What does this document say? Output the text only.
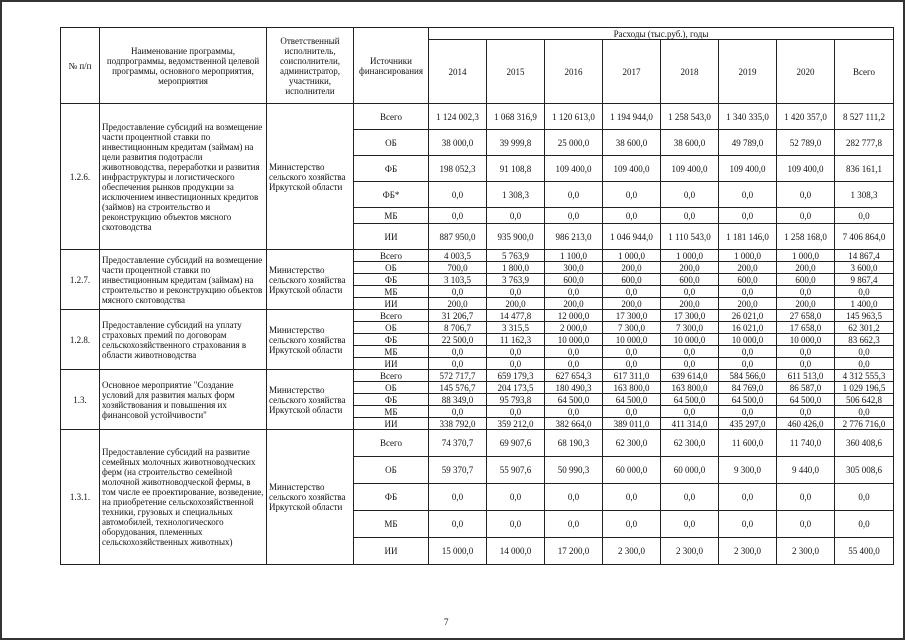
№ п/п	Наименование программы, подпрограммы, ведомственной целевой программы, основного мероприятия, мероприятия	Ответственный исполнитель, соисполнители, администратор, участники, исполнители	Источники финансирования	Расходы (тыс.руб.), годы							
				2014	2015	2016	2017	2018	2019	2020	Всего
1.2.6.	Предоставление субсидий на возмещение части процентной ставки по инвестиционным кредитам (займам) на цели развития подотрасли животноводства, переработки и развития инфраструктуры и логистического обеспечения рынков продукции за исключением инвестиционных кредитов (займов) на строительство и реконструкцию объектов мясного скотоводства	Министерство сельского хозяйства Иркутской области	Всего	1 124 002,3	1 068 316,9	1 120 613,0	1 194 944,0	1 258 543,0	1 340 335,0	1 420 357,0	8 527 111,2
			ОБ	38 000,0	39 999,8	25 000,0	38 600,0	38 600,0	49 789,0	52 789,0	282 777,8
			ФБ	198 052,3	91 108,8	109 400,0	109 400,0	109 400,0	109 400,0	109 400,0	836 161,1
			ФБ*	0,0	1 308,3	0,0	0,0	0,0	0,0	0,0	1 308,3
			МБ	0,0	0,0	0,0	0,0	0,0	0,0	0,0	0,0
			ИИ	887 950,0	935 900,0	986 213,0	1 046 944,0	1 110 543,0	1 181 146,0	1 258 168,0	7 406 864,0
1.2.7.	Предоставление субсидий на возмещение части процентной ставки по инвестиционным кредитам (займам) на строительство и реконструкцию объектов мясного скотоводства	Министерство сельского хозяйства Иркутской области	Всего	4 003,5	5 763,9	1 100,0	1 000,0	1 000,0	1 000,0	1 000,0	14 867,4
			ОБ	700,0	1 800,0	300,0	200,0	200,0	200,0	200,0	3 600,0
			ФБ	3 103,5	3 763,9	600,0	600,0	600,0	600,0	600,0	9 867,4
			МБ	0,0	0,0	0,0	0,0	0,0	0,0	0,0	0,0
			ИИ	200,0	200,0	200,0	200,0	200,0	200,0	200,0	1 400,0
1.2.8.	Предоставление субсидий на уплату страховых премий по договорам сельскохозяйственного страхования в области животноводства	Министерство сельского хозяйства Иркутской области	Всего	31 206,7	14 477,8	12 000,0	17 300,0	17 300,0	26 021,0	27 658,0	145 963,5
			ОБ	8 706,7	3 315,5	2 000,0	7 300,0	7 300,0	16 021,0	17 658,0	62 301,2
			ФБ	22 500,0	11 162,3	10 000,0	10 000,0	10 000,0	10 000,0	10 000,0	83 662,3
			МБ	0,0	0,0	0,0	0,0	0,0	0,0	0,0	0,0
			ИИ	0,0	0,0	0,0	0,0	0,0	0,0	0,0	0,0
1.3.	Основное мероприятие "Создание условий для развития малых форм хозяйствования и повышения их финансовой устойчивости"	Министерство сельского хозяйства Иркутской области	Всего	572 717,7	659 179,3	627 654,3	617 311,0	639 614,0	584 566,0	611 513,0	4 312 555,3
			ОБ	145 576,7	204 173,5	180 490,3	163 800,0	163 800,0	84 769,0	86 587,0	1 029 196,5
			ФБ	88 349,0	95 793,8	64 500,0	64 500,0	64 500,0	64 500,0	64 500,0	506 642,8
			МБ	0,0	0,0	0,0	0,0	0,0	0,0	0,0	0,0
			ИИ	338 792,0	359 212,0	382 664,0	389 011,0	411 314,0	435 297,0	460 426,0	2 776 716,0
1.3.1.	Предоставление субсидий на развитие семейных молочных животноводческих ферм (на строительство семейной молочной животноводческой фермы, в том числе ее проектирование, возведение, на приобретение сельскохозяйственной техники, грузовых и специальных автомобилей, технологического оборудования, племенных сельскохозяйственных животных)	Министерство сельского хозяйства Иркутской области	Всего	74 370,7	69 907,6	68 190,3	62 300,0	62 300,0	11 600,0	11 740,0	360 408,6
			ОБ	59 370,7	55 907,6	50 990,3	60 000,0	60 000,0	9 300,0	9 440,0	305 008,6
			ФБ	0,0	0,0	0,0	0,0	0,0	0,0	0,0	0,0
			МБ	0,0	0,0	0,0	0,0	0,0	0,0	0,0	0,0
			ИИ	15 000,0	14 000,0	17 200,0	2 300,0	2 300,0	2 300,0	2 300,0	55 400,0
7
